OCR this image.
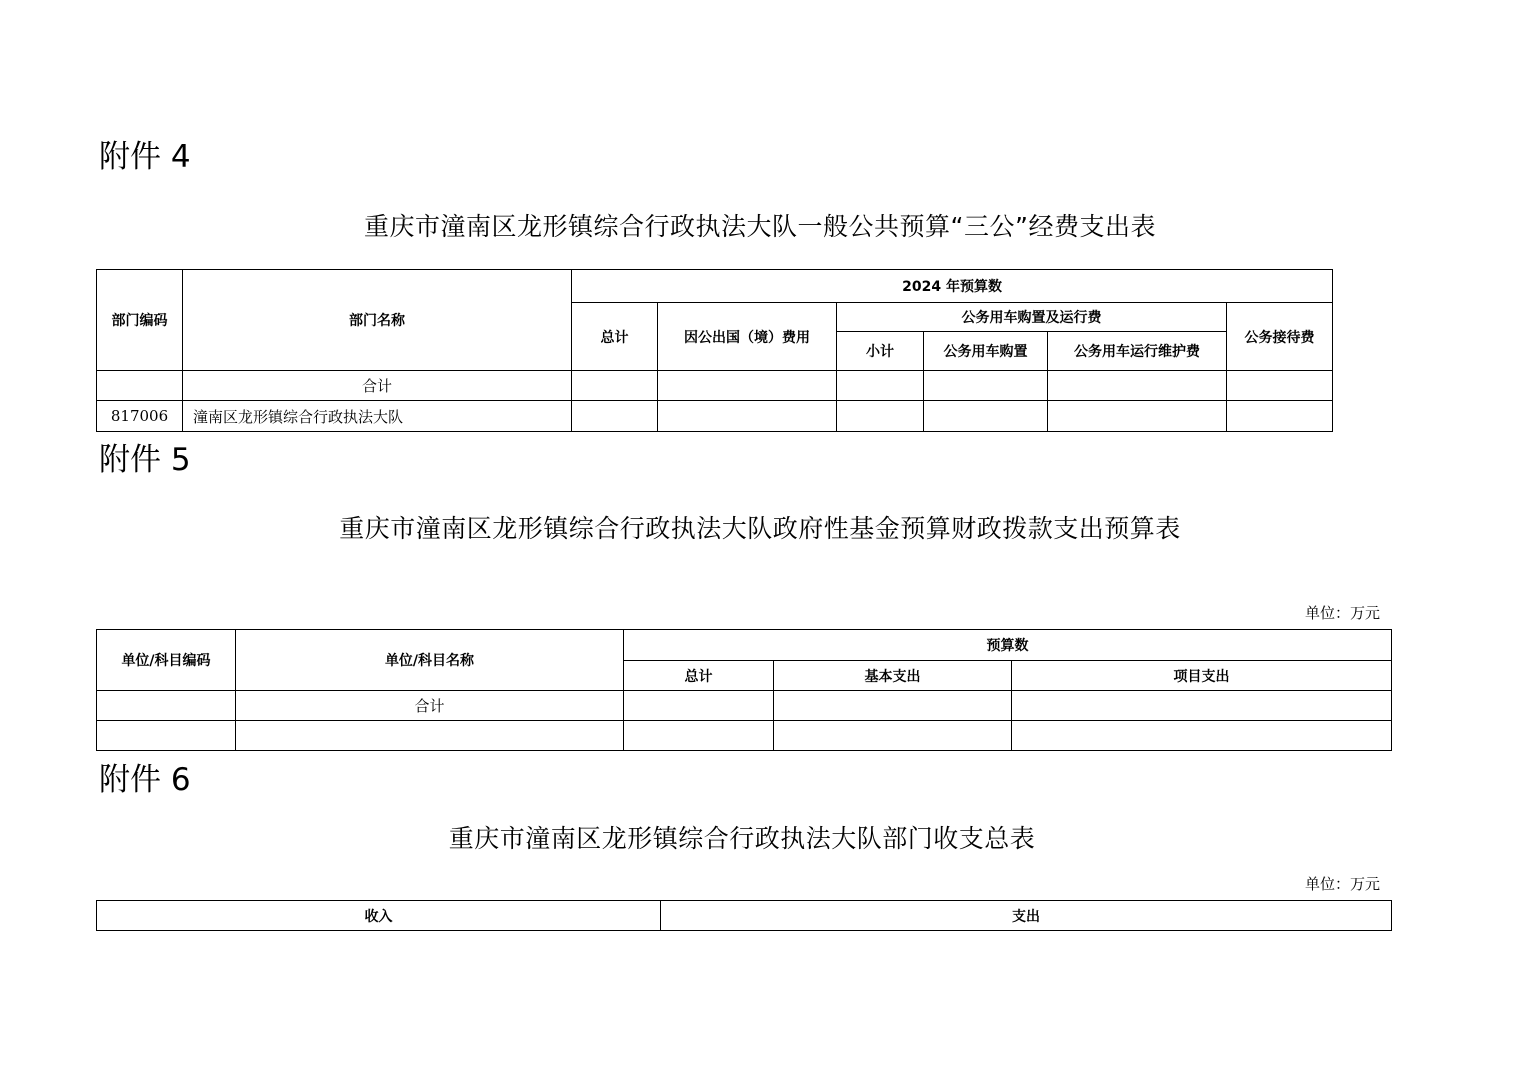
附件 4
重庆市潼南区龙形镇综合行政执法大队一般公共预算“三公”经费支出表
部门编码	部门名称	2024 年预算数					
		总计	因公出国（境）费用	公务用车购置及运行费			公务接待费
				小计	公务用车购置	公务用车运行维护费	
	合计						
817006	潼南区龙形镇综合行政执法大队						
附件 5
重庆市潼南区龙形镇综合行政执法大队政府性基金预算财政拨款支出预算表
单位：万元
单位/科目编码	单位/科目名称	预算数		
		总计	基本支出	项目支出
	合计			

附件 6
重庆市潼南区龙形镇综合行政执法大队部门收支总表
单位：万元
收入	支出
